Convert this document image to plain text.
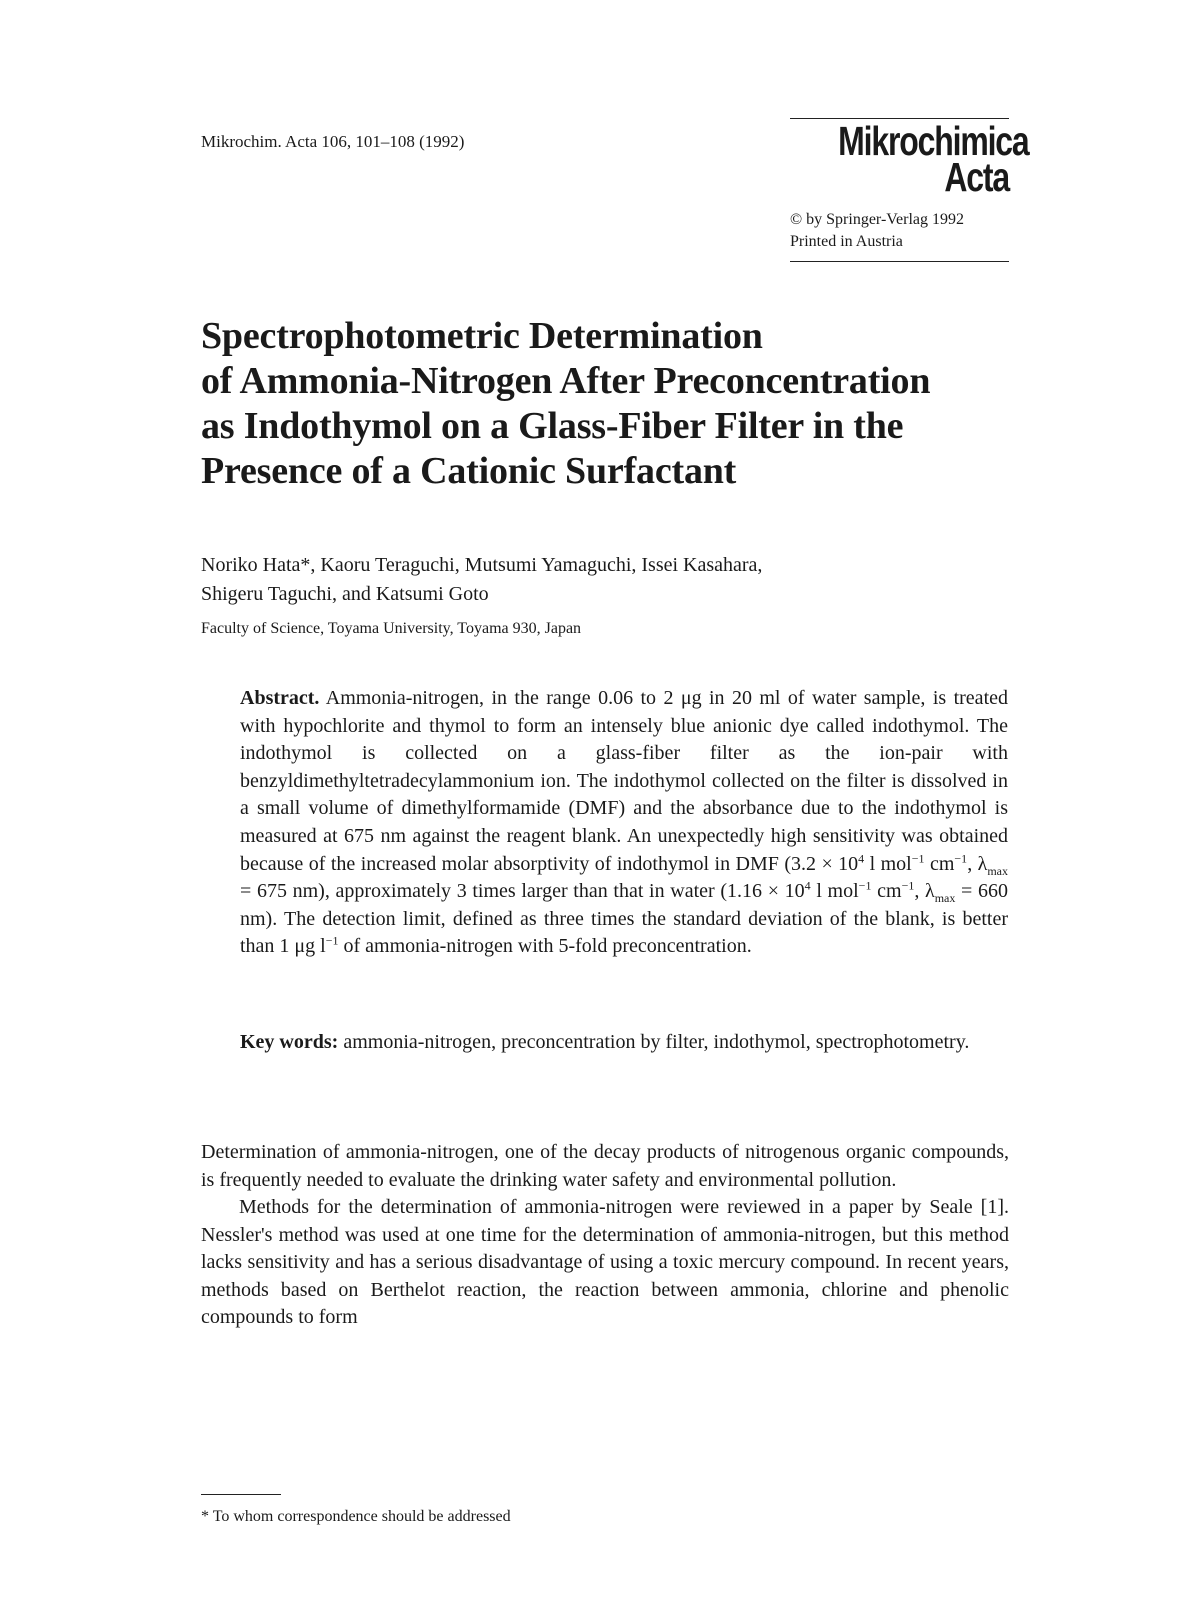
Mikrochim. Acta 106, 101–108 (1992)	Mikrochimica
Acta
© by Springer-Verlag 1992
Printed in Austria
Spectrophotometric Determination
of Ammonia-Nitrogen After Preconcentration
as Indothymol on a Glass-Fiber Filter in the
Presence of a Cationic Surfactant
Noriko Hata*, Kaoru Teraguchi, Mutsumi Yamaguchi, Issei Kasahara,
Shigeru Taguchi, and Katsumi Goto
Faculty of Science, Toyama University, Toyama 930, Japan
Abstract. Ammonia-nitrogen, in the range 0.06 to 2 μg in 20 ml of water sample, is treated with hypochlorite and thymol to form an intensely blue anionic dye called indothymol. The indothymol is collected on a glass-fiber filter as the ion-pair with benzyldimethyltetradecylammonium ion. The indothymol collected on the filter is dissolved in a small volume of dimethylformamide (DMF) and the absorbance due to the indothymol is measured at 675 nm against the reagent blank. An unexpectedly high sensitivity was obtained because of the increased molar absorptivity of indothymol in DMF ($3.2 \times 10^4$ l mol$^{-1}$ $cm^{-1}$, $\lambda_{max} = 675$ nm), approximately 3 times larger than that in water ($1.16 \times 10^4$ l mol$^{-1}$ $cm^{-1}$, $\lambda_{max} = 660$ nm). The detection limit, defined as three times the standard deviation of the blank, is better than 1 μg $l^{-1}$ of ammonia-nitrogen with 5-fold preconcentration.
Key words: ammonia-nitrogen, preconcentration by filter, indothymol, spectrophotometry.

Determination of ammonia-nitrogen, one of the decay products of nitrogenous organic compounds, is frequently needed to evaluate the drinking water safety and environmental pollution.

Methods for the determination of ammonia-nitrogen were reviewed in a paper by Seale [1]. Nessler's method was used at one time for the determination of ammonia-nitrogen, but this method lacks sensitivity and has a serious disadvantage of using a toxic mercury compound. In recent years, methods based on Berthelot reaction, the reaction between ammonia, chlorine and phenolic compounds to form

* To whom correspondence should be addressed
